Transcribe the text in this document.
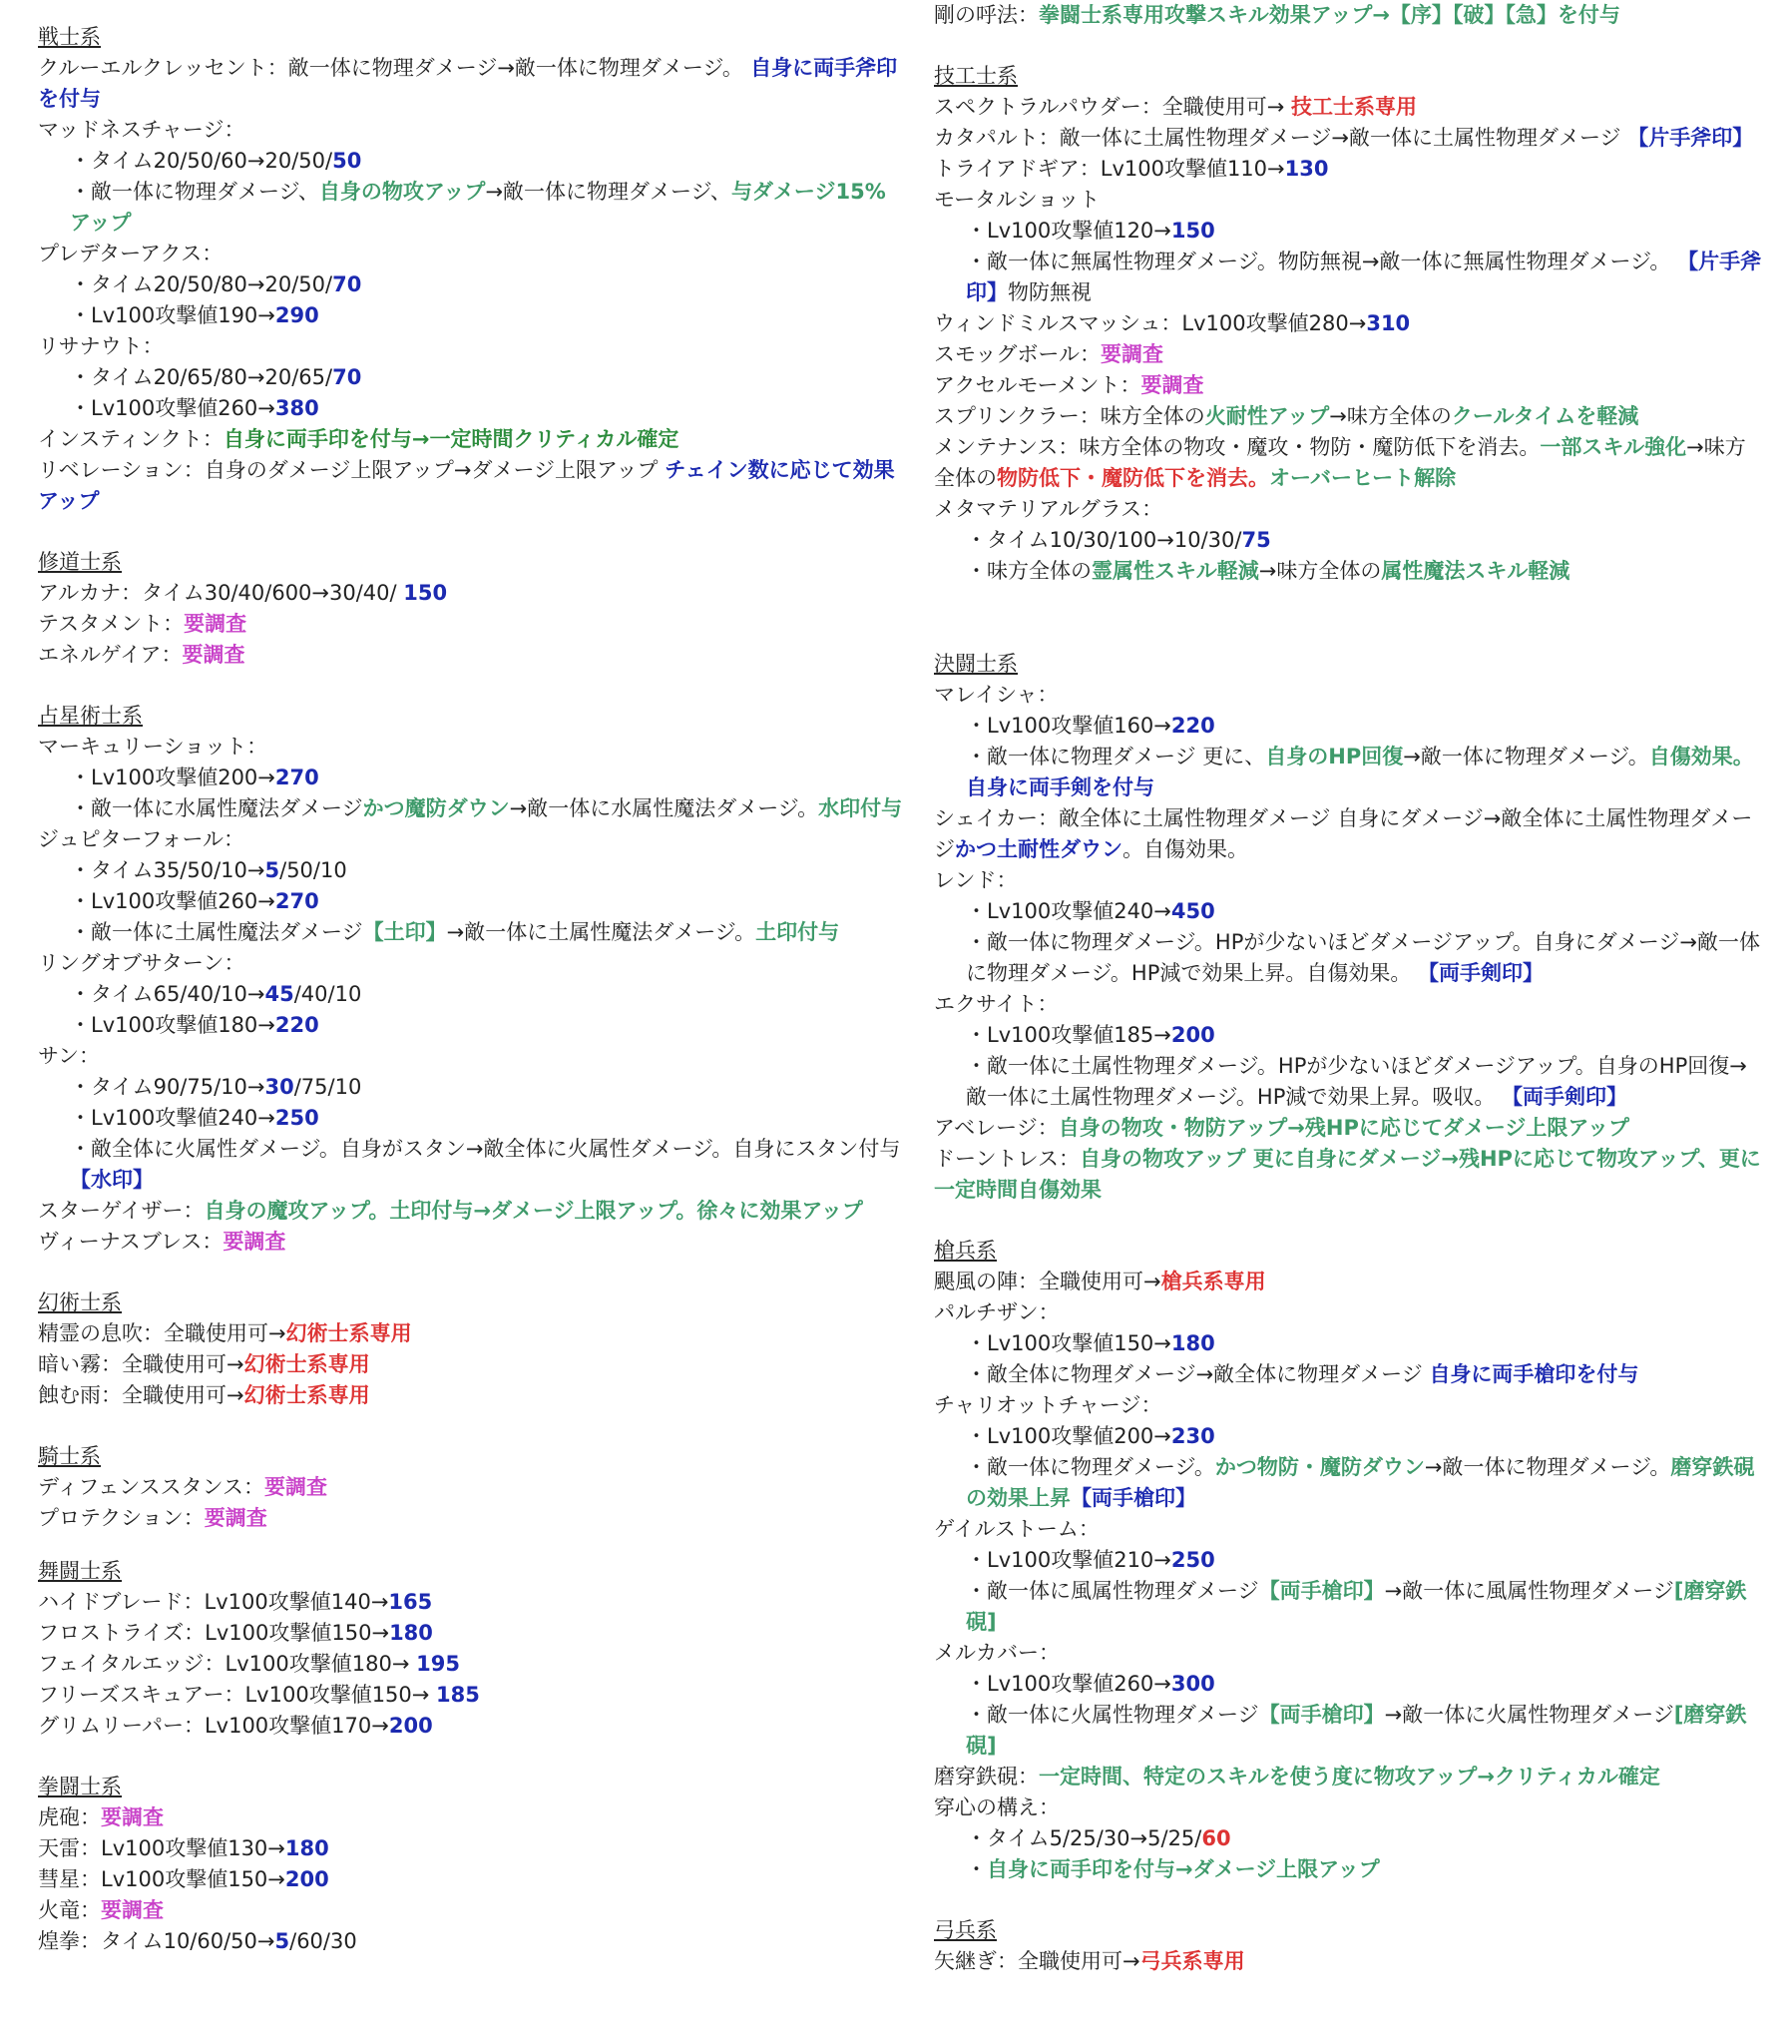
戦士系
クルーエルクレッセント：敵一体に物理ダメージ→敵一体に物理ダメージ。 自身に両手斧印を付与
マッドネスチャージ：
・タイム20/50/60→20/50/50
・敵一体に物理ダメージ、自身の物攻アップ→敵一体に物理ダメージ、与ダメージ15%アップ
プレデターアクス：
・タイム20/50/80→20/50/70
・Lv100攻撃値190→290
リサナウト：
・タイム20/65/80→20/65/70
・Lv100攻撃値260→380
インスティンクト：自身に両手印を付与→一定時間クリティカル確定
リベレーション：自身のダメージ上限アップ→ダメージ上限アップ チェイン数に応じて効果アップ
修道士系
アルカナ：タイム30/40/600→30/40/ 150
テスタメント：要調査
エネルゲイア：要調査
占星術士系
マーキュリーショット：
・Lv100攻撃値200→270
・敵一体に水属性魔法ダメージかつ魔防ダウン→敵一体に水属性魔法ダメージ。水印付与
ジュピターフォール：
・タイム35/50/10→5/50/10
・Lv100攻撃値260→270
・敵一体に土属性魔法ダメージ【土印】→敵一体に土属性魔法ダメージ。土印付与
リングオブサターン：
・タイム65/40/10→45/40/10
・Lv100攻撃値180→220
サン：
・タイム90/75/10→30/75/10
・Lv100攻撃値240→250
・敵全体に火属性ダメージ。自身がスタン→敵全体に火属性ダメージ。自身にスタン付与【水印】
スターゲイザー：自身の魔攻アップ。土印付与→ダメージ上限アップ。徐々に効果アップ
ヴィーナスブレス：要調査
幻術士系
精霊の息吹：全職使用可→幻術士系専用
暗い霧：全職使用可→幻術士系専用
蝕む雨：全職使用可→幻術士系専用
騎士系
ディフェンススタンス：要調査
プロテクション：要調査
舞闘士系
ハイドブレード：Lv100攻撃値140→165
フロストライズ：Lv100攻撃値150→180
フェイタルエッジ：Lv100攻撃値180→ 195
フリーズスキュアー：Lv100攻撃値150→ 185
グリムリーパー：Lv100攻撃値170→200
拳闘士系
虎砲：要調査
天雷：Lv100攻撃値130→180
彗星：Lv100攻撃値150→200
火竜：要調査
煌拳：タイム10/60/50→5/60/30
剛の呼法：拳闘士系専用攻撃スキル効果アップ→【序】【破】【急】を付与
技工士系
スペクトラルパウダー：全職使用可→ 技工士系専用
カタパルト：敵一体に土属性物理ダメージ→敵一体に土属性物理ダメージ 【片手斧印】
トライアドギア：Lv100攻撃値110→130
モータルショット
・Lv100攻撃値120→150
・敵一体に無属性物理ダメージ。物防無視→敵一体に無属性物理ダメージ。 【片手斧印】物防無視
ウィンドミルスマッシュ：Lv100攻撃値280→310
スモッグボール：要調査
アクセルモーメント：要調査
スプリンクラー：味方全体の火耐性アップ→味方全体のクールタイムを軽減
メンテナンス：味方全体の物攻・魔攻・物防・魔防低下を消去。一部スキル強化→味方全体の物防低下・魔防低下を消去。オーバーヒート解除
メタマテリアルグラス：
・タイム10/30/100→10/30/75
・味方全体の霊属性スキル軽減→味方全体の属性魔法スキル軽減
決闘士系
マレイシャ：
・Lv100攻撃値160→220
・敵一体に物理ダメージ 更に、自身のHP回復→敵一体に物理ダメージ。自傷効果。自身に両手剣を付与
シェイカー：敵全体に土属性物理ダメージ 自身にダメージ→敵全体に土属性物理ダメージかつ土耐性ダウン。自傷効果。
レンド：
・Lv100攻撃値240→450
・敵一体に物理ダメージ。HPが少ないほどダメージアップ。自身にダメージ→敵一体に物理ダメージ。HP減で効果上昇。自傷効果。 【両手剣印】
エクサイト：
・Lv100攻撃値185→200
・敵一体に土属性物理ダメージ。HPが少ないほどダメージアップ。自身のHP回復→敵一体に土属性物理ダメージ。HP減で効果上昇。吸収。 【両手剣印】
アベレージ：自身の物攻・物防アップ→残HPに応じてダメージ上限アップ
ドーントレス：自身の物攻アップ 更に自身にダメージ→残HPに応じて物攻アップ、更に一定時間自傷効果
槍兵系
颶風の陣：全職使用可→槍兵系専用
パルチザン：
・Lv100攻撃値150→180
・敵全体に物理ダメージ→敵全体に物理ダメージ 自身に両手槍印を付与
チャリオットチャージ：
・Lv100攻撃値200→230
・敵一体に物理ダメージ。かつ物防・魔防ダウン→敵一体に物理ダメージ。磨穿鉄硯の効果上昇【両手槍印】
ゲイルストーム：
・Lv100攻撃値210→250
・敵一体に風属性物理ダメージ【両手槍印】→敵一体に風属性物理ダメージ[磨穿鉄硯]
メルカバー：
・Lv100攻撃値260→300
・敵一体に火属性物理ダメージ【両手槍印】→敵一体に火属性物理ダメージ[磨穿鉄硯]
磨穿鉄硯：一定時間、特定のスキルを使う度に物攻アップ→クリティカル確定
穿心の構え：
・タイム5/25/30→5/25/60
・自身に両手印を付与→ダメージ上限アップ
弓兵系
矢継ぎ：全職使用可→弓兵系専用
